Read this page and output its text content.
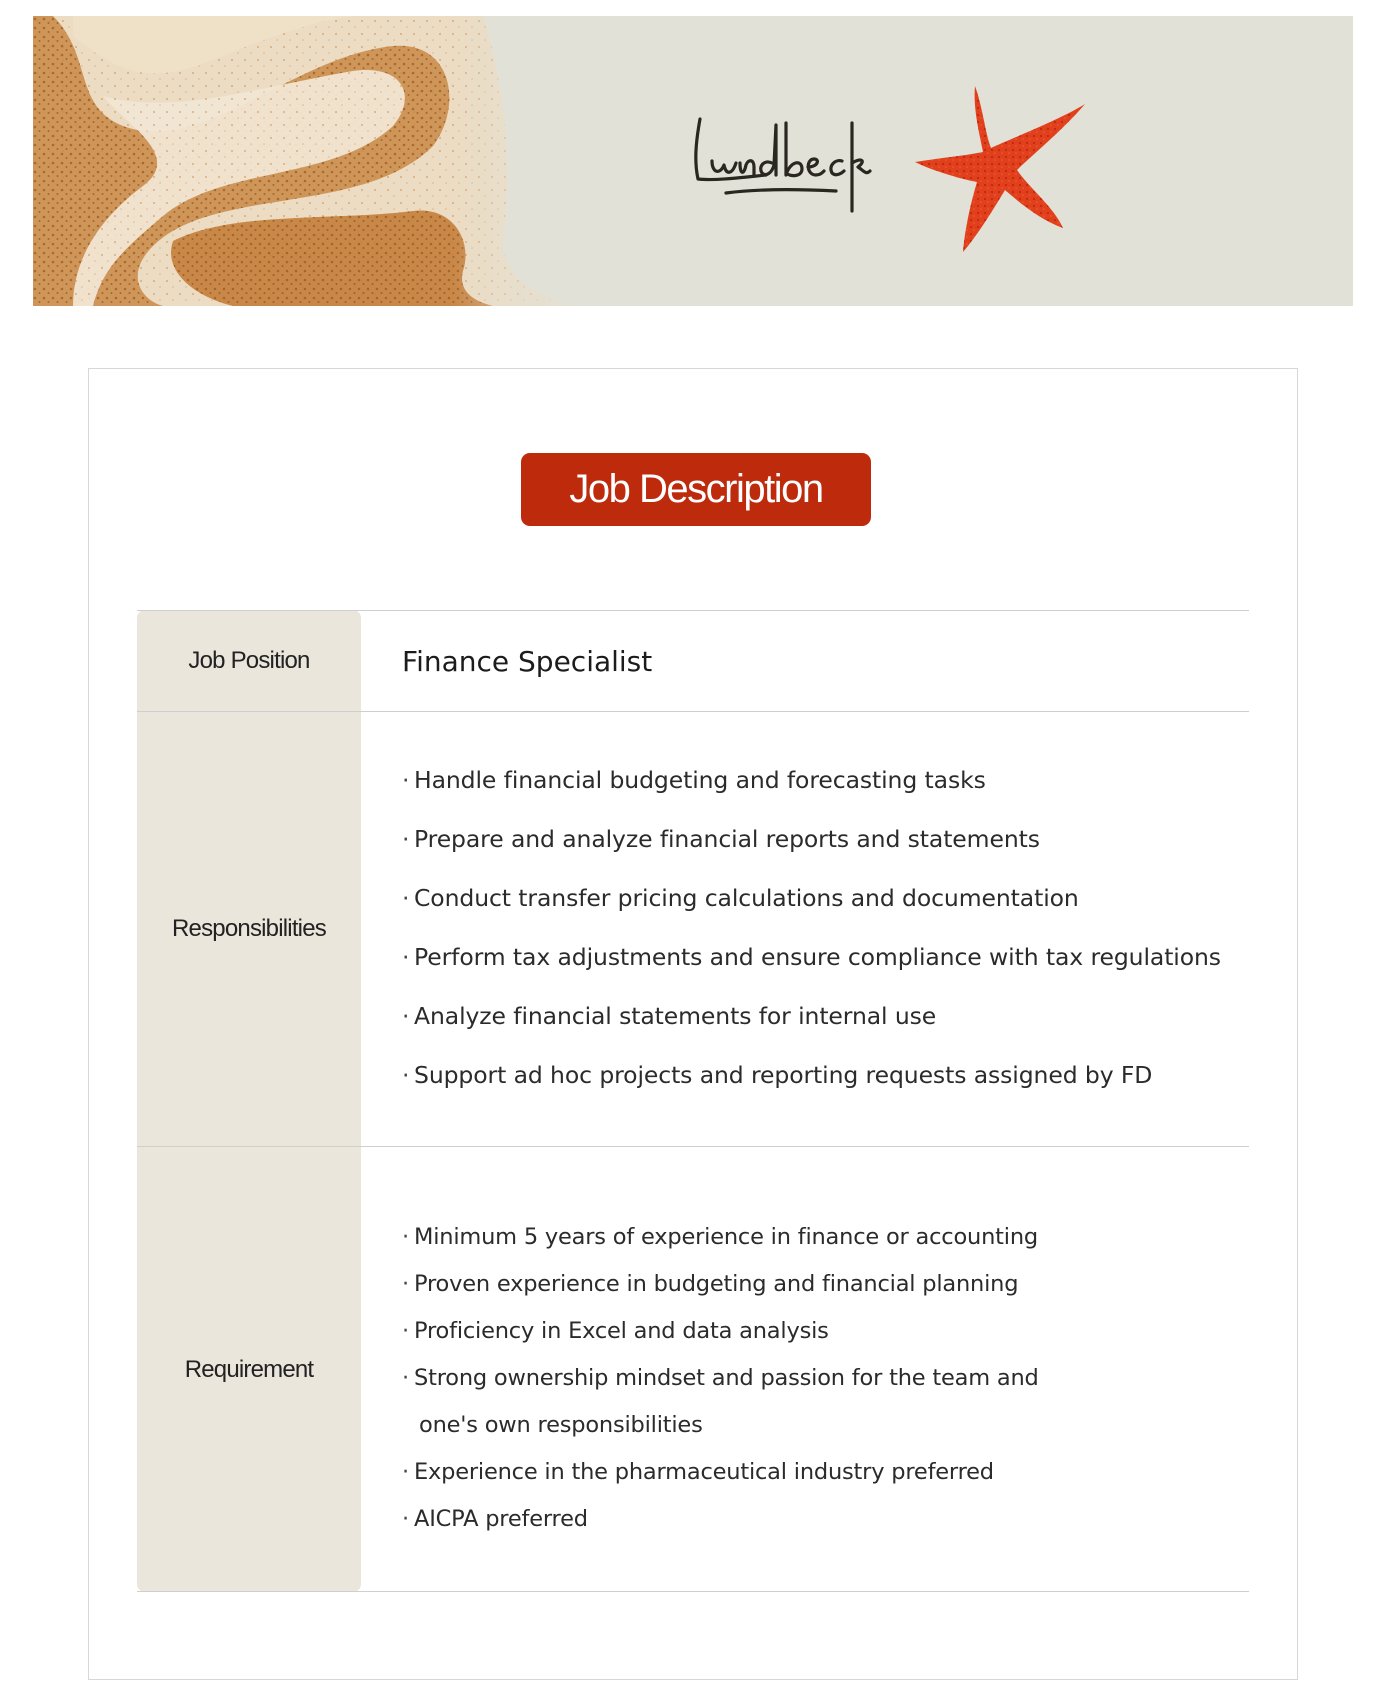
Job Description
Job Position	Finance Specialist
Responsibilities
· Handle financial budgeting and forecasting tasks
· Prepare and analyze financial reports and statements
· Conduct transfer pricing calculations and documentation
· Perform tax adjustments and ensure compliance with tax regulations
· Analyze financial statements for internal use
· Support ad hoc projects and reporting requests assigned by FD
Requirement
· Minimum 5 years of experience in finance or accounting
· Proven experience in budgeting and financial planning
· Proficiency in Excel and data analysis
· Strong ownership mindset and passion for the team and
one's own responsibilities
· Experience in the pharmaceutical industry preferred
· AICPA preferred
